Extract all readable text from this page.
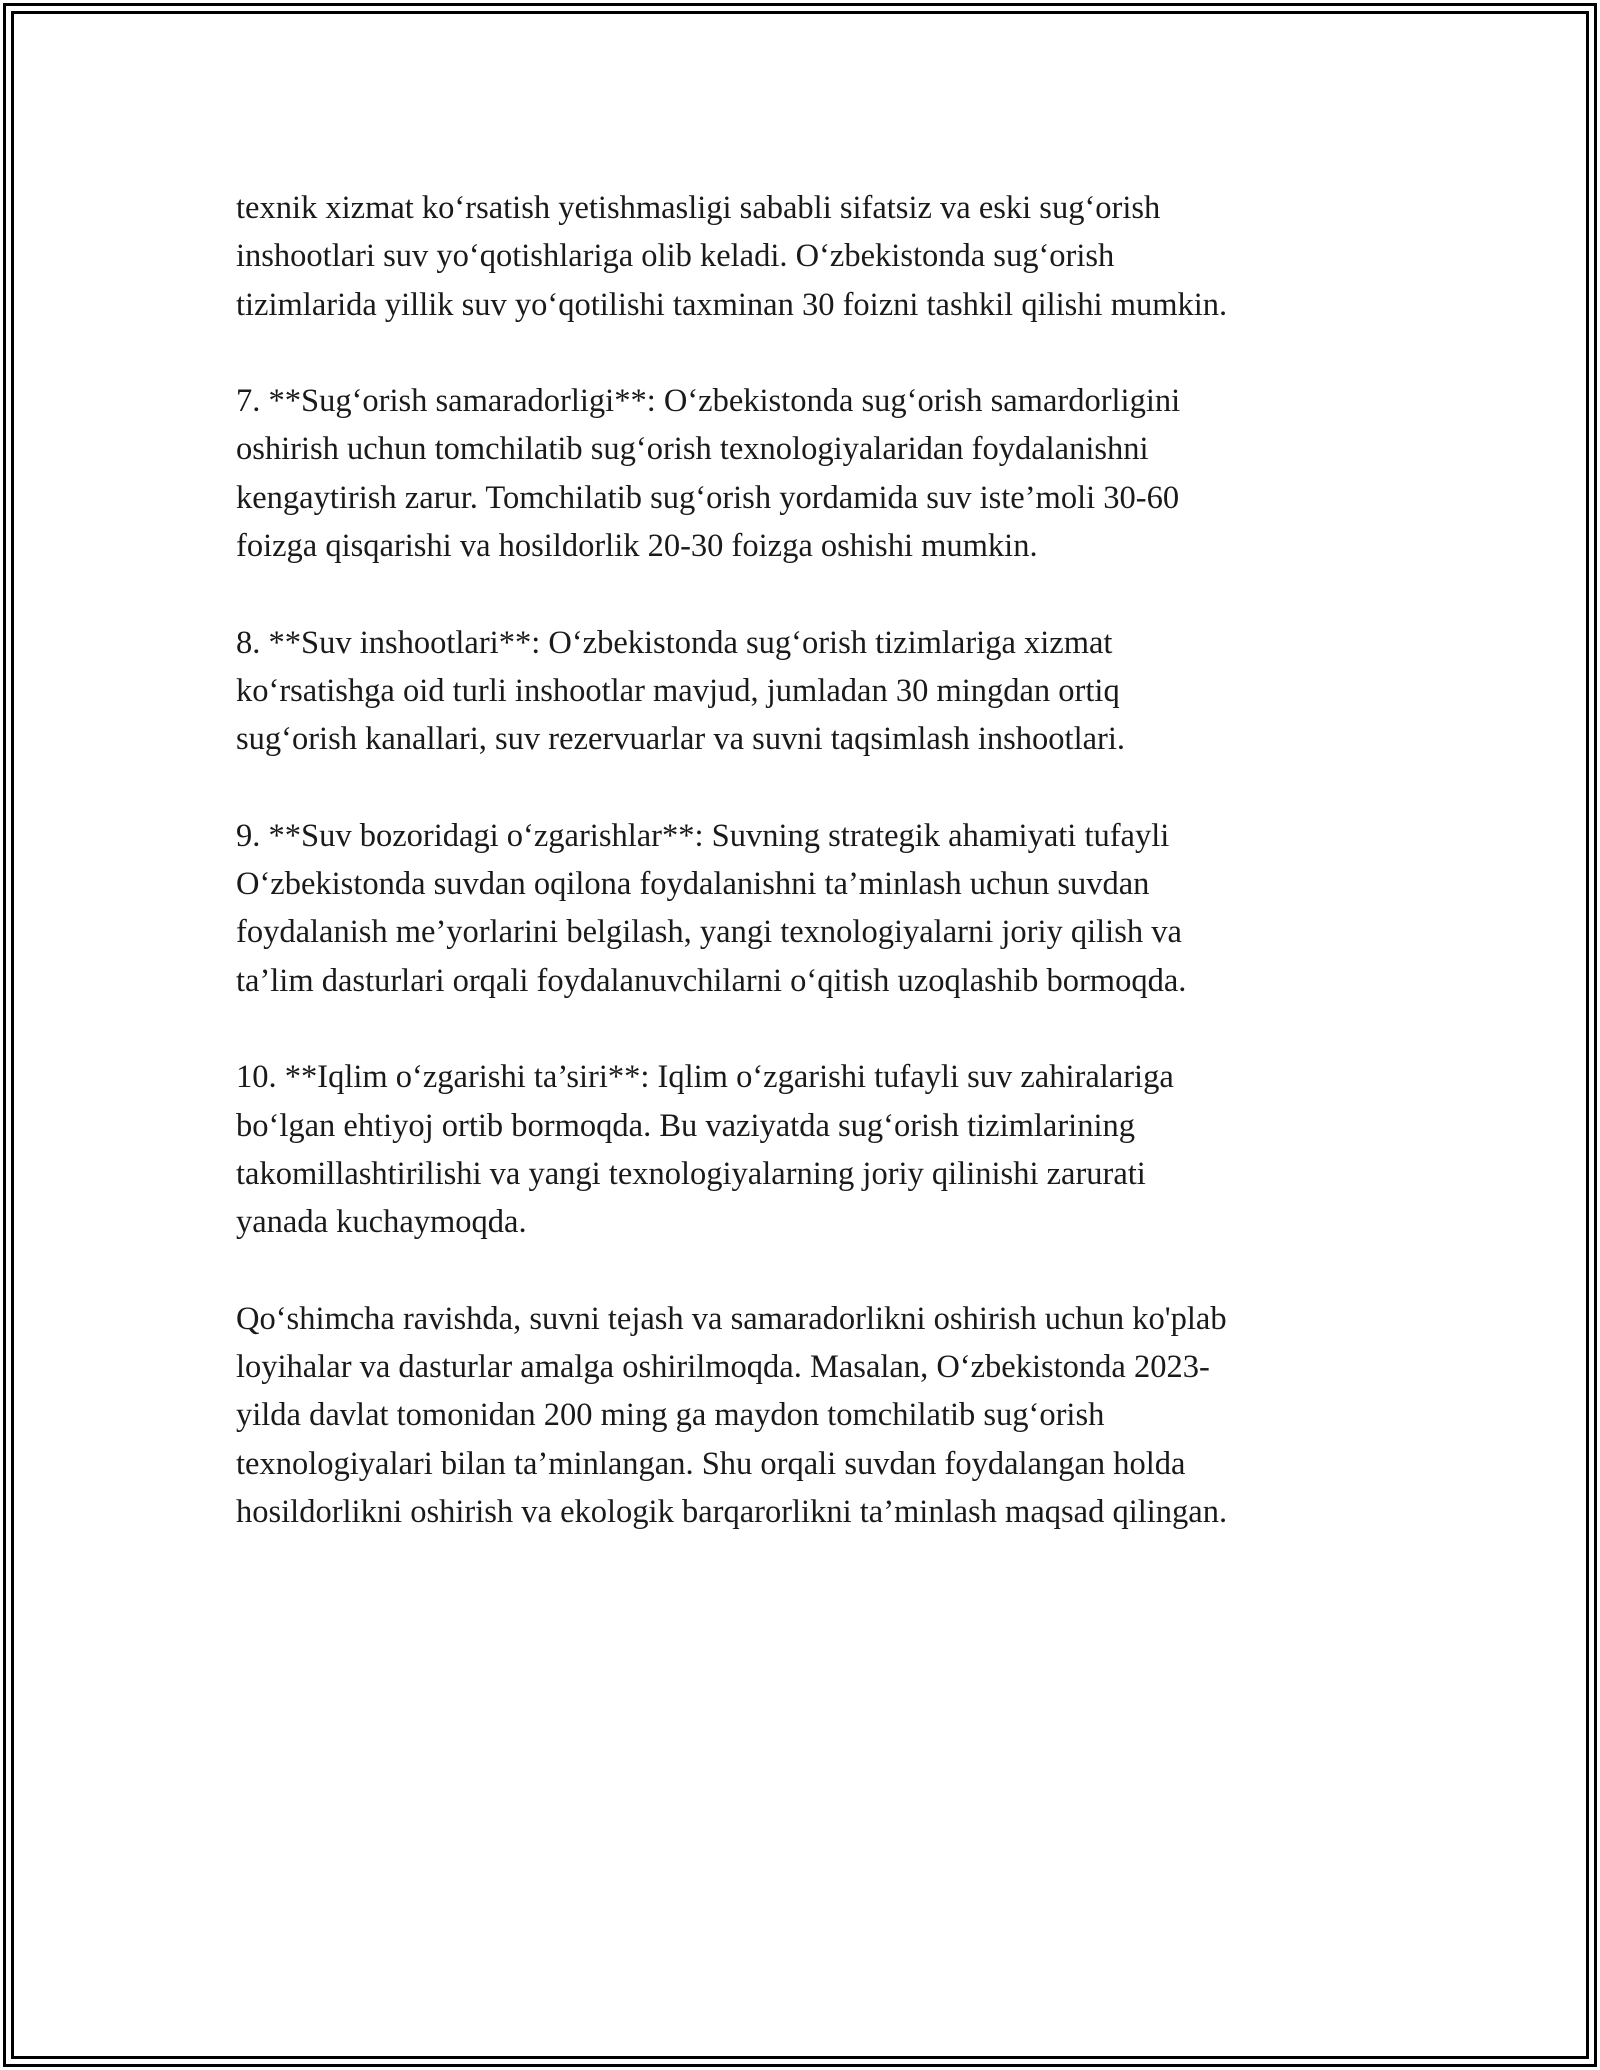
texnik xizmat ko‘rsatish yetishmasligi sababli sifatsiz va eski sug‘orish
inshootlari suv yo‘qotishlariga olib keladi. O‘zbekistonda sug‘orish
tizimlarida yillik suv yo‘qotilishi taxminan 30 foizni tashkil qilishi mumkin.

7. **Sug‘orish samaradorligi**: O‘zbekistonda sug‘orish samardorligini
oshirish uchun tomchilatib sug‘orish texnologiyalaridan foydalanishni
kengaytirish zarur. Tomchilatib sug‘orish yordamida suv iste’moli 30-60
foizga qisqarishi va hosildorlik 20-30 foizga oshishi mumkin.

8. **Suv inshootlari**: O‘zbekistonda sug‘orish tizimlariga xizmat
ko‘rsatishga oid turli inshootlar mavjud, jumladan 30 mingdan ortiq
sug‘orish kanallari, suv rezervuarlar va suvni taqsimlash inshootlari.

9. **Suv bozoridagi o‘zgarishlar**: Suvning strategik ahamiyati tufayli
O‘zbekistonda suvdan oqilona foydalanishni ta’minlash uchun suvdan
foydalanish me’yorlarini belgilash, yangi texnologiyalarni joriy qilish va
ta’lim dasturlari orqali foydalanuvchilarni o‘qitish uzoqlashib bormoqda.

10. **Iqlim o‘zgarishi ta’siri**: Iqlim o‘zgarishi tufayli suv zahiralariga
bo‘lgan ehtiyoj ortib bormoqda. Bu vaziyatda sug‘orish tizimlarining
takomillashtirilishi va yangi texnologiyalarning joriy qilinishi zarurati
yanada kuchaymoqda.

Qo‘shimcha ravishda, suvni tejash va samaradorlikni oshirish uchun ko'plab
loyihalar va dasturlar amalga oshirilmoqda. Masalan, O‘zbekistonda 2023-
yilda davlat tomonidan 200 ming ga maydon tomchilatib sug‘orish
texnologiyalari bilan ta’minlangan. Shu orqali suvdan foydalangan holda
hosildorlikni oshirish va ekologik barqarorlikni ta’minlash maqsad qilingan.
